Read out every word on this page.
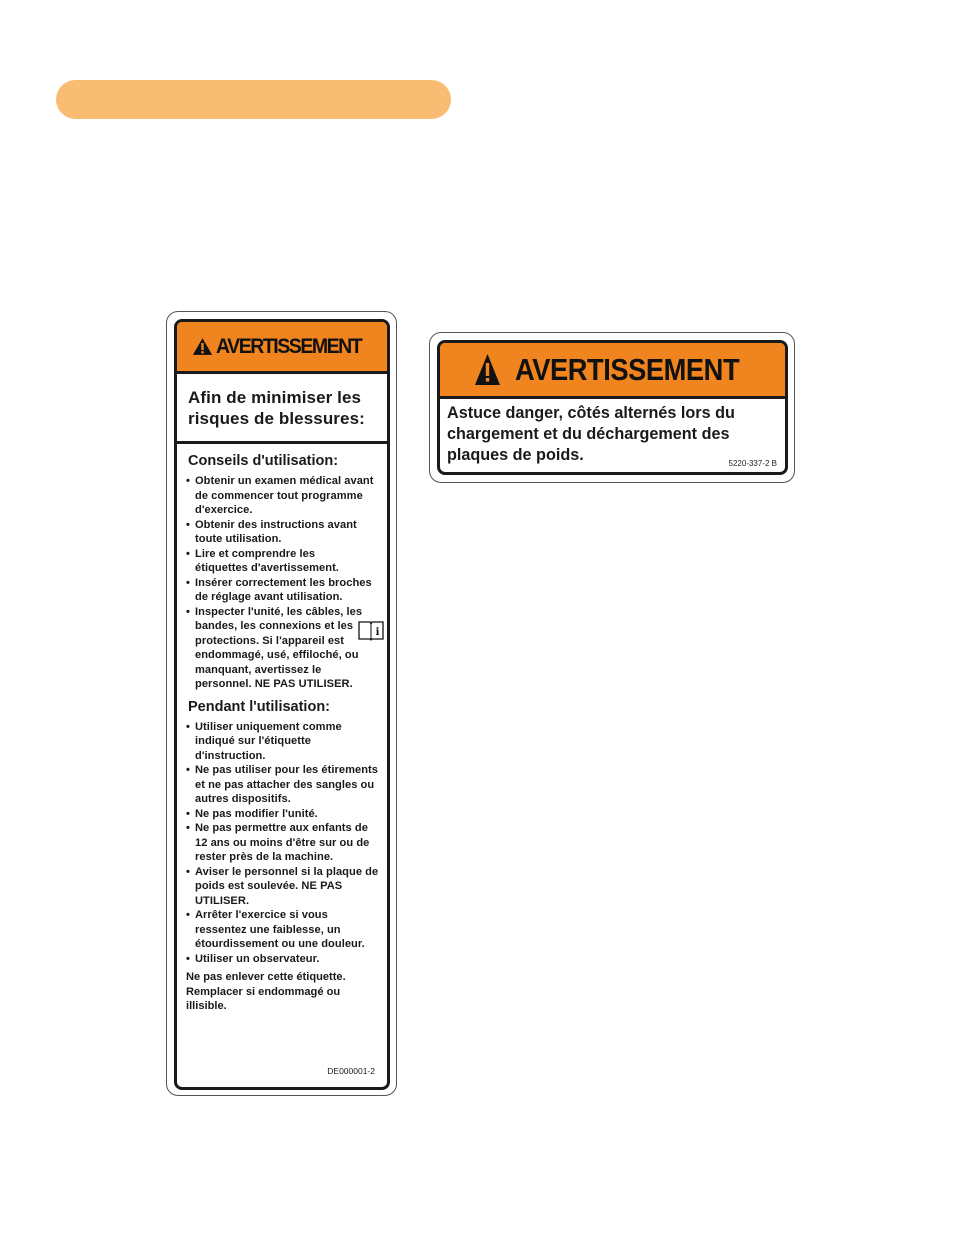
AVERTISSEMENT
Afin de minimiser les risques de blessures:
Conseils d'utilisation:
• Obtenir un examen médical avant de commencer tout programme d'exercice.
• Obtenir des instructions avant toute utilisation.
• Lire et comprendre les étiquettes d'avertissement.
• Insérer correctement les broches de réglage avant utilisation.
• Inspecter l'unité, les câbles, les bandes, les connexions et les protections. Si l'appareil est endommagé, usé, effiloché, ou manquant, avertissez le personnel. NE PAS UTILISER.
i
Pendant l'utilisation:
• Utiliser uniquement comme indiqué sur l'étiquette d'instruction.
• Ne pas utiliser pour les étirements et ne pas attacher des sangles ou autres dispositifs.
• Ne pas modifier l'unité.
• Ne pas permettre aux enfants de 12 ans ou moins d'être sur ou de rester près de la machine.
• Aviser le personnel si la plaque de poids est soulevée. NE PAS UTILISER.
• Arrêter l'exercice si vous ressentez une faiblesse, un étourdissement ou une douleur.
• Utiliser un observateur.
Ne pas enlever cette étiquette. Remplacer si endommagé ou illisible.
DE000001-2
AVERTISSEMENT
Astuce danger, côtés alternés lors du chargement et du déchargement des plaques de poids.	5220-337-2 B
